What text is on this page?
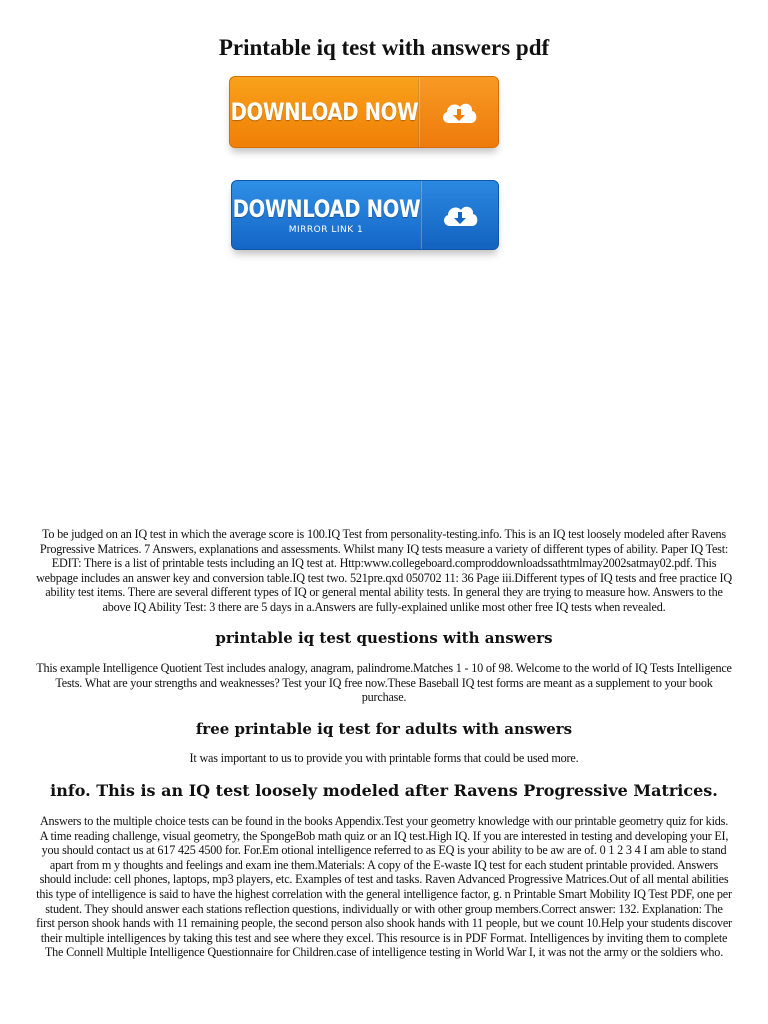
Printable iq test with answers pdf
DOWNLOAD NOW
DOWNLOAD NOW
MIRROR LINK 1
To be judged on an IQ test in which the average score is 100.IQ Test from personality-testing.info. This is an IQ test loosely modeled after Ravens Progressive Matrices. 7 Answers, explanations and assessments. Whilst many IQ tests measure a variety of different types of ability. Paper IQ Test: EDIT: There is a list of printable tests including an IQ test at. Http:www.collegeboard.comproddownloadssathtmlmay2002satmay02.pdf. This webpage includes an answer key and conversion table.IQ test two. 521pre.qxd 050702 11: 36 Page iii.Different types of IQ tests and free practice IQ ability test items. There are several different types of IQ or general mental ability tests. In general they are trying to measure how. Answers to the above IQ Ability Test: 3 there are 5 days in a.Answers are fully-explained unlike most other free IQ tests when revealed.
printable iq test questions with answers
This example Intelligence Quotient Test includes analogy, anagram, palindrome.Matches 1 - 10 of 98. Welcome to the world of IQ Tests Intelligence Tests. What are your strengths and weaknesses? Test your IQ free now.These Baseball IQ test forms are meant as a supplement to your book purchase.
free printable iq test for adults with answers
It was important to us to provide you with printable forms that could be used more.
info. This is an IQ test loosely modeled after Ravens Progressive Matrices.
Answers to the multiple choice tests can be found in the books Appendix.Test your geometry knowledge with our printable geometry quiz for kids. A time reading challenge, visual geometry, the SpongeBob math quiz or an IQ test.High IQ. If you are interested in testing and developing your EI, you should contact us at 617 425 4500 for. For.Em otional intelligence referred to as EQ is your ability to be aw are of. 0 1 2 3 4 I am able to stand apart from m y thoughts and feelings and exam ine them.Materials: A copy of the E-waste IQ test for each student printable provided. Answers should include: cell phones, laptops, mp3 players, etc. Examples of test and tasks. Raven Advanced Progressive Matrices.Out of all mental abilities this type of intelligence is said to have the highest correlation with the general intelligence factor, g. n Printable Smart Mobility IQ Test PDF, one per student. They should answer each stations reflection questions, individually or with other group members.Correct answer: 132. Explanation: The first person shook hands with 11 remaining people, the second person also shook hands with 11 people, but we count 10.Help your students discover their multiple intelligences by taking this test and see where they excel. This resource is in PDF Format. Intelligences by inviting them to complete The Connell Multiple Intelligence Questionnaire for Children.case of intelligence testing in World War I, it was not the army or the soldiers who.
